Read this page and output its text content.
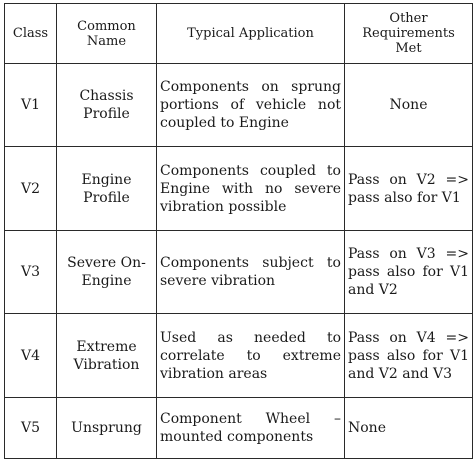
Class	Common Name	Typical Application	Other Requirements Met
V1	Chassis Profile	Components on sprung portions of vehicle not coupled to Engine	None
V2	Engine Profile	Components coupled to Engine with no severe vibration possible	Pass on V2 => pass also for V1
V3	Severe On-Engine	Components subject to severe vibration	Pass on V3 => pass also for V1 and V2
V4	Extreme Vibration	Used as needed to correlate to extreme vibration areas	Pass on V4 => pass also for V1 and V2 and V3
V5	Unsprung	Component Wheel – mounted components	None
